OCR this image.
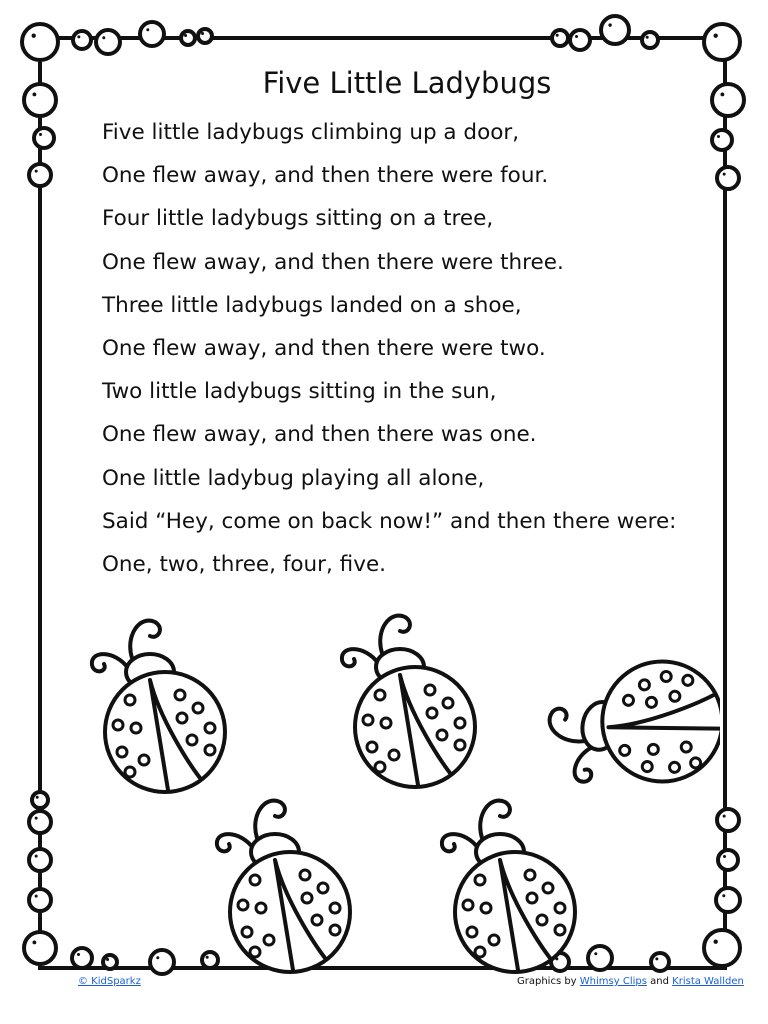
Five Little Ladybugs
Five little ladybugs climbing up a door,
One flew away, and then there were four.
Four little ladybugs sitting on a tree,
One flew away, and then there were three.
Three little ladybugs landed on a shoe,
One flew away, and then there were two.
Two little ladybugs sitting in the sun,
One flew away, and then there was one.
One little ladybug playing all alone,
Said “Hey, come on back now!” and then there were:
One, two, three, four, five.
© KidSparkz	Graphics by Whimsy Clips and Krista Wallden
